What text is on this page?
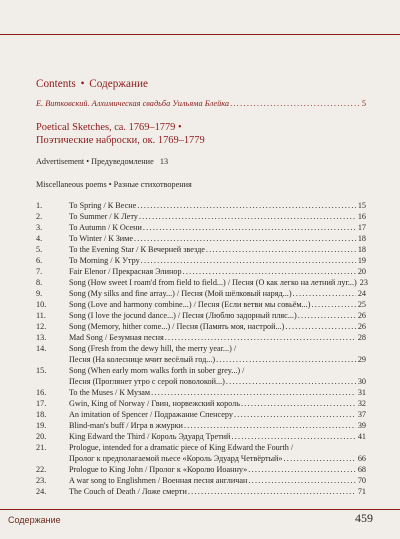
Contents • Содержание
Е. Витковский.
Алхимическая свадьба Уильяма Блейка . . .	5
Poetical Sketches, ca. 1769–1779 •
Поэтические наброски, ок. 1769–1779
Advertisement • Предуведомление 13
Miscellaneous poems • Разные стихотворения
1.	To Spring / К Весне . . .	15
2.	To Summer / К Лету . . .	16
3.	To Autumn / К Осени . . .	17
4.	To Winter / К Зиме . . .	18
5.	To the Evening Star / К Вечерней звезде . . .	18
6.	To Morning / К Утру . . .	19
7.	Fair Elenor / Прекрасная Элинор . . .	20
8.	Song (How sweet I roam'd from field to field...) / Песня (О как легко на летний луг...) 23
9.	Song (My silks and fine array...) / Песня (Мой шёлковый наряд...) . . .	24
10.	Song (Love and harmony combine...) / Песня (Если ветви мы совьём...) . . .	25
11.	Song (I love the jocund dance...) / Песня (Люблю задорный пляс...) . . .	26
12.	Song (Memory, hither come...) / Песня (Память моя, настрой...) . . .	26
13.	Mad Song / Безумная песня . . .	28
14.	Song (Fresh from the dewy hill, the merry year...) /
Песня (На колеснице мчит весёлый год...) . . .	29
15.	Song (When early morn walks forth in sober grey...) /
Песня (Проглянет утро с серой поволокой...) . . .	30
16.	To the Muses / К Музам . . .	31
17.	Gwin, King of Norway / Гвин, норвежский король . . .	32
18.	An imitation of Spencer / Подражание Спенсеру . . .	37
19.	Blind-man's buff / Игра в жмурки . . .	39
20.	King Edward the Third / Король Эдуард Третий . . .	41
21.	Prologue, intended for a dramatic piece of King Edward the Fourth /
Пролог к предполагаемой пьесе «Король Эдуард Четвёртый» . . .	66
22.	Prologue to King John / Пролог к «Королю Иоанну» . . .	68
23.	A war song to Englishmen / Военная песня англичан . . .	70
24.	The Couch of Death / Ложе смерти . . .	71
Содержание	459
